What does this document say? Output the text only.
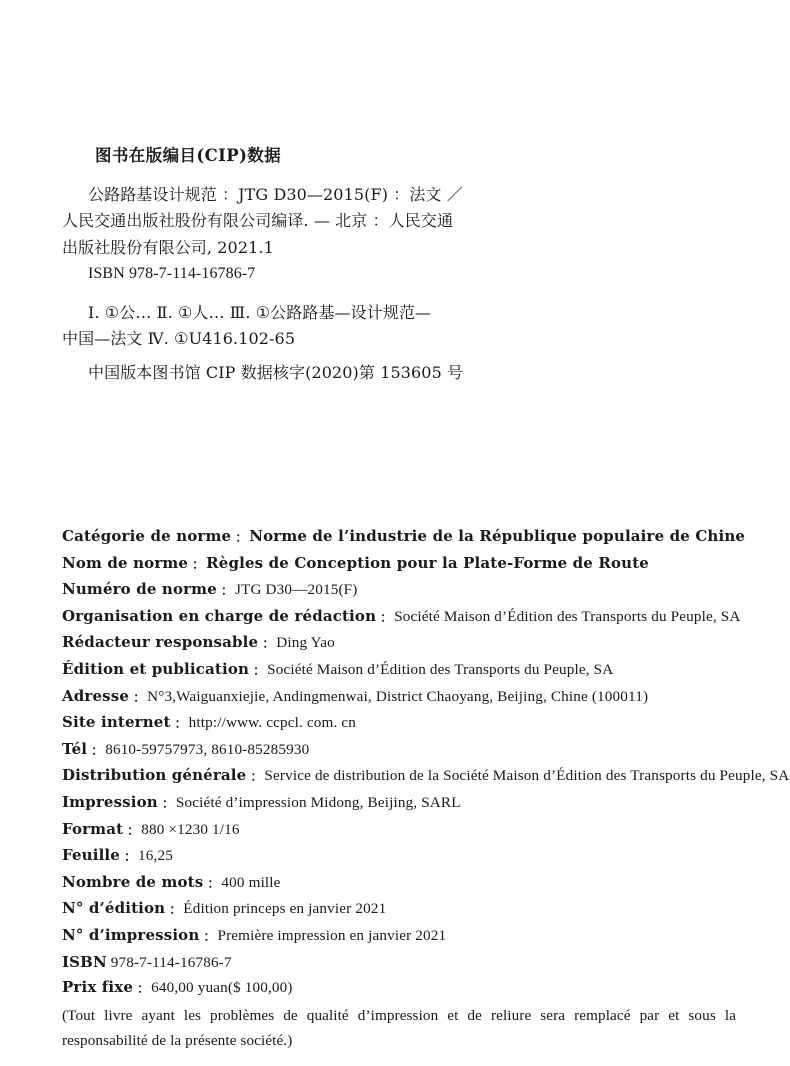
图书在版编目(CIP)数据
公路路基设计规范 ：JTG D30—2015(F) ：法文 ／
人民交通出版社股份有限公司编译. — 北京 ：人民交通
出版社股份有限公司, 2021.1
ISBN 978-7-114-16786-7
Ⅰ. ①公… Ⅱ. ①人… Ⅲ. ①公路路基—设计规范—
中国—法文 Ⅳ. ①U416.102-65
中国版本图书馆 CIP 数据核字(2020)第 153605 号
Catégorie de norme ：Norme de l’industrie de la République populaire de Chine
Nom de norme ：Règles de Conception pour la Plate-Forme de Route
Numéro de norme ：JTG D30—2015(F)
Organisation en charge de rédaction ：Société Maison d’Édition des Transports du Peuple, SA
Rédacteur responsable ：Ding Yao
Édition et publication ：Société Maison d’Édition des Transports du Peuple, SA
Adresse ：N°3,Waiguanxiejie, Andingmenwai, District Chaoyang, Beijing, Chine (100011)
Site internet ：http://www. ccpcl. com. cn
Tél ：8610-59757973, 8610-85285930
Distribution générale ：Service de distribution de la Société Maison d’Édition des Transports du Peuple, SA
Impression ：Société d’impression Midong, Beijing, SARL
Format ：880 ×1230 1/16
Feuille ：16,25
Nombre de mots ：400 mille
N° d’édition ：Édition princeps en janvier 2021
N° d’impression ：Première impression en janvier 2021
ISBN 978-7-114-16786-7
Prix fixe ：640,00 yuan($ 100,00)
(Tout livre ayant les problèmes de qualité d’impression et de reliure sera remplacé par et sous la responsabilité de la présente société.)
